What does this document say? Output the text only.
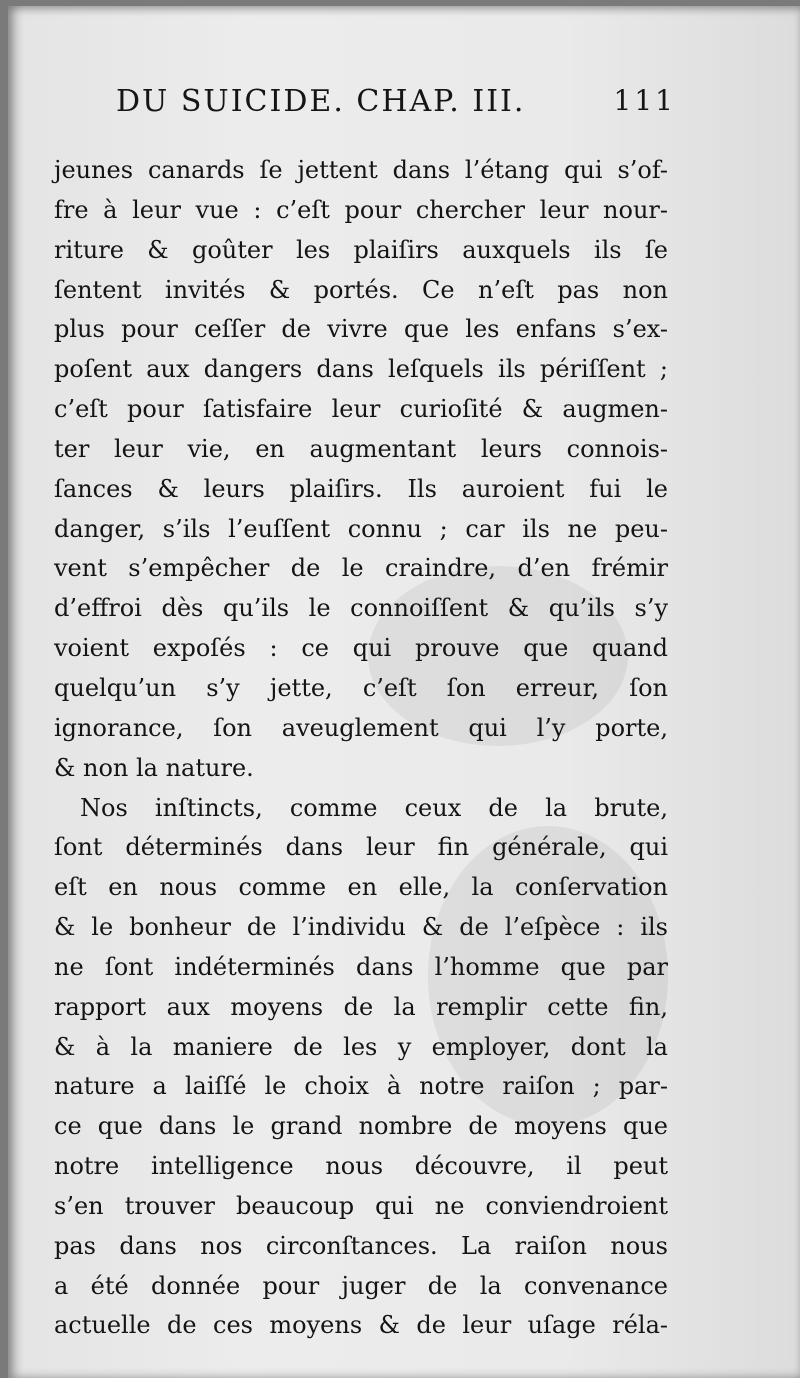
DU SUICIDE. CHAP. III.	111
jeunes canards ſe jettent dans l’étang qui s’of-
fre à leur vue : c’eſt pour chercher leur nour-
riture & goûter les plaiſirs auxquels ils ſe
ſentent invités & portés. Ce n’eſt pas non
plus pour ceſſer de vivre que les enfans s’ex-
poſent aux dangers dans leſquels ils périſſent ;
c’eſt pour ſatisfaire leur curioſité & augmen-
ter leur vie, en augmentant leurs connois-
ſances & leurs plaiſirs. Ils auroient fui le
danger, s’ils l’euſſent connu ; car ils ne peu-
vent s’empêcher de le craindre, d’en frémir
d’effroi dès qu’ils le connoiſſent & qu’ils s’y
voient expoſés : ce qui prouve que quand
quelqu’un s’y jette, c’eſt ſon erreur, ſon
ignorance, ſon aveuglement qui l’y porte,
& non la nature.
Nos inſtincts, comme ceux de la brute,
ſont déterminés dans leur fin générale, qui
eſt en nous comme en elle, la conſervation
& le bonheur de l’individu & de l’eſpèce : ils
ne ſont indéterminés dans l’homme que par
rapport aux moyens de la remplir cette fin,
& à la maniere de les y employer, dont la
nature a laiſſé le choix à notre raiſon ; par-
ce que dans le grand nombre de moyens que
notre intelligence nous découvre, il peut
s’en trouver beaucoup qui ne conviendroient
pas dans nos circonſtances. La raiſon nous
a été donnée pour juger de la convenance
actuelle de ces moyens & de leur uſage réla-
